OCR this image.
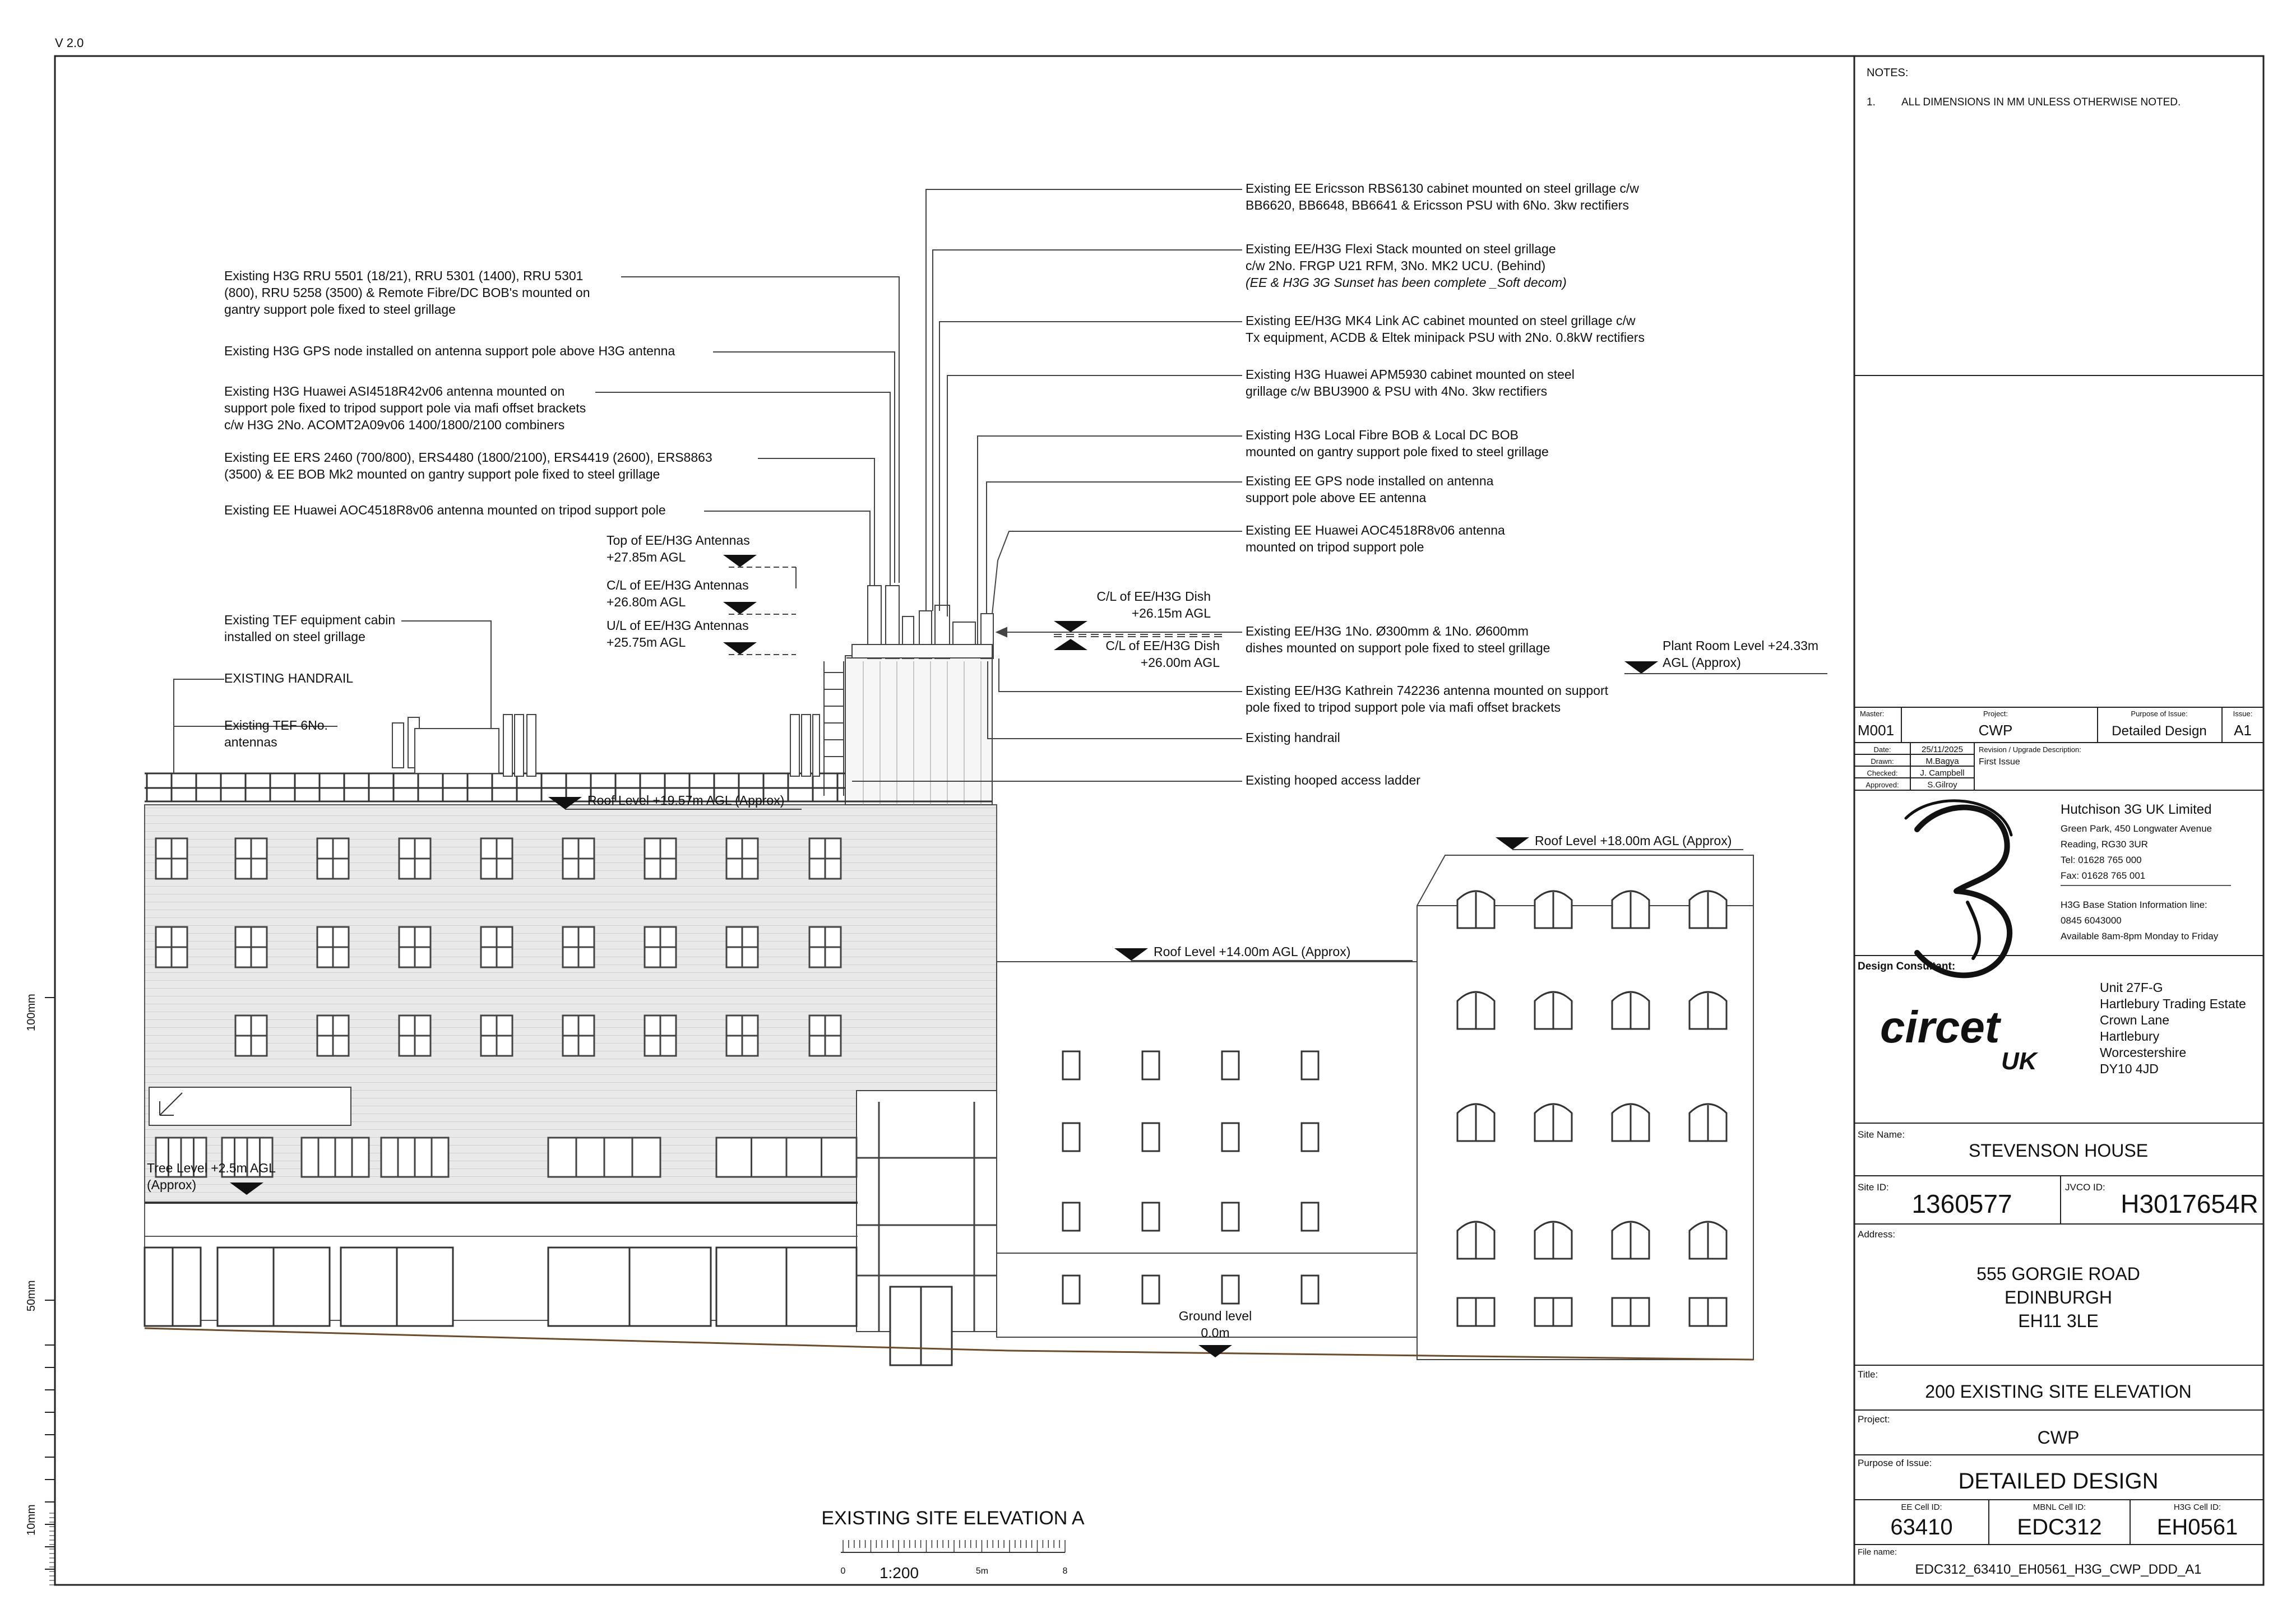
V 2.0
100mm
50mm
10mm
Existing H3G RRU 5501 (18/21), RRU 5301 (1400), RRU 5301
(800), RRU 5258 (3500) & Remote Fibre/DC BOB's mounted on
gantry support pole fixed to steel grillage
Existing H3G GPS node installed on antenna support pole above H3G antenna
Existing H3G Huawei ASI4518R42v06 antenna mounted on
support pole fixed to tripod support pole via mafi offset brackets
c/w H3G 2No. ACOMT2A09v06 1400/1800/2100 combiners
Existing EE ERS 2460 (700/800), ERS4480 (1800/2100), ERS4419 (2600), ERS8863
(3500) & EE BOB Mk2 mounted on gantry support pole fixed to steel grillage
Existing EE Huawei AOC4518R8v06 antenna mounted on tripod support pole
Existing TEF equipment cabin
installed on steel grillage
EXISTING HANDRAIL
Existing TEF 6No.
antennas
Existing EE Ericsson RBS6130 cabinet mounted on steel grillage c/w
BB6620, BB6648, BB6641 & Ericsson PSU with 6No. 3kw rectifiers
Existing EE/H3G Flexi Stack mounted on steel grillage
c/w 2No. FRGP U21 RFM, 3No. MK2 UCU. (Behind)
(EE & H3G 3G Sunset has been complete _Soft decom)
Existing EE/H3G MK4 Link AC cabinet mounted on steel grillage c/w
Tx equipment, ACDB & Eltek minipack PSU with 2No. 0.8kW rectifiers
Existing H3G Huawei APM5930 cabinet mounted on steel
grillage c/w BBU3900 & PSU with 4No. 3kw rectifiers
Existing H3G Local Fibre BOB & Local DC BOB
mounted on gantry support pole fixed to steel grillage
Existing EE GPS node installed on antenna
support pole above EE antenna
Existing EE Huawei AOC4518R8v06 antenna
mounted on tripod support pole
Existing EE/H3G 1No. Ø300mm & 1No. Ø600mm
dishes mounted on support pole fixed to steel grillage
Existing EE/H3G Kathrein 742236 antenna mounted on support
pole fixed to tripod support pole via mafi offset brackets
Existing handrail
Existing hooped access ladder
Top of EE/H3G Antennas
+27.85m AGL
C/L of EE/H3G Antennas
+26.80m AGL
U/L of EE/H3G Antennas
+25.75m AGL
C/L of EE/H3G Dish
+26.15m AGL
C/L of EE/H3G Dish
+26.00m AGL
Plant Room Level +24.33m
AGL (Approx)
Roof Level +19.57m AGL (Approx)
Roof Level +18.00m AGL (Approx)
Roof Level +14.00m AGL (Approx)
Tree Level +2.5m AGL
(Approx)
Ground level
0.0m
EXISTING SITE ELEVATION A
0	5m	8
1:200
NOTES:
1. ALL DIMENSIONS IN MM UNLESS OTHERWISE NOTED.
Master:
M001
Project:
CWP
Purpose of Issue:
Detailed Design
Issue:
A1
Revision / Upgrade Description:
Date:	25/11/2025
First Issue
Drawn:	M.Bagya
Checked:	J. Campbell
Approved:	S.Gilroy
Hutchison 3G UK Limited
Green Park, 450 Longwater Avenue
Reading, RG30 3UR
Tel: 01628 765 000
Fax: 01628 765 001
H3G Base Station Information line:
0845 6043000
Available 8am-8pm Monday to Friday
Design Consultant:
circet
UK
Unit 27F-G
Hartlebury Trading Estate
Crown Lane
Hartlebury
Worcestershire
DY10 4JD
Site Name:
STEVENSON HOUSE
Site ID:
1360577
JVCO ID:
H3017654R
Address:
555 GORGIE ROAD
EDINBURGH
EH11 3LE
Title:
200 EXISTING SITE ELEVATION
Project:
CWP
Purpose of Issue:
DETAILED DESIGN
EE Cell ID:
63410
MBNL Cell ID:
EDC312
H3G Cell ID:
EH0561
File name:
EDC312_63410_EH0561_H3G_CWP_DDD_A1
